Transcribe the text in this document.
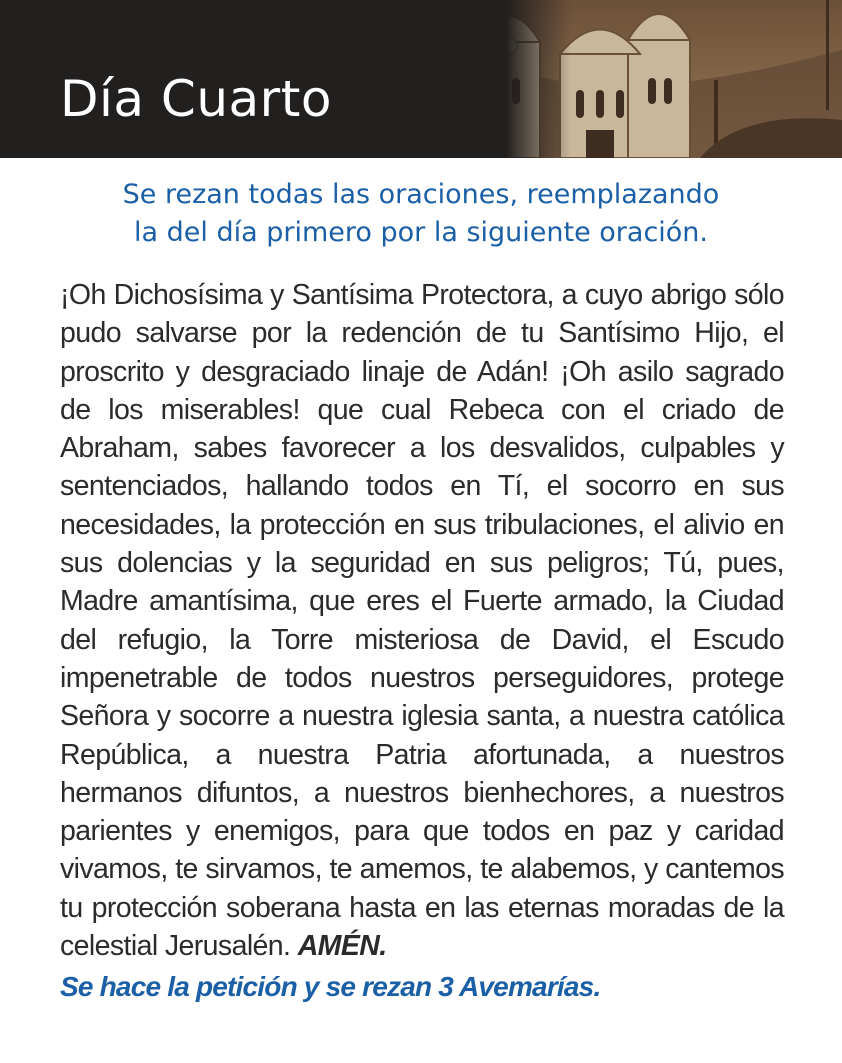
Día Cuarto
Se rezan todas las oraciones, reemplazando
la del día primero por la siguiente oración.
¡Oh Dichosísima y Santísima Protectora, a cuyo abrigo sólo pudo salvarse por la redención de tu Santísimo Hijo, el proscrito y desgraciado linaje de Adán! ¡Oh asilo sagrado de los miserables! que cual Rebeca con el criado de Abraham, sabes favorecer a los desvalidos, culpables y sentenciados, hallando todos en Tí, el socorro en sus necesidades, la protección en sus tribulaciones, el alivio en sus dolencias y la seguridad en sus peligros; Tú, pues, Madre amantísima, que eres el Fuerte armado, la Ciudad del refugio, la Torre misteriosa de David, el Escudo impenetrable de todos nuestros perseguidores, protege Señora y socorre a nuestra iglesia santa, a nuestra católica República, a nuestra Patria afortunada, a nuestros hermanos difuntos, a nuestros bienhechores, a nuestros parientes y enemigos, para que todos en paz y caridad vivamos, te sirvamos, te amemos, te alabemos, y cantemos tu protección soberana hasta en las eternas moradas de la celestial Jerusalén. AMÉN.
Se hace la petición y se rezan 3 Avemarías.
